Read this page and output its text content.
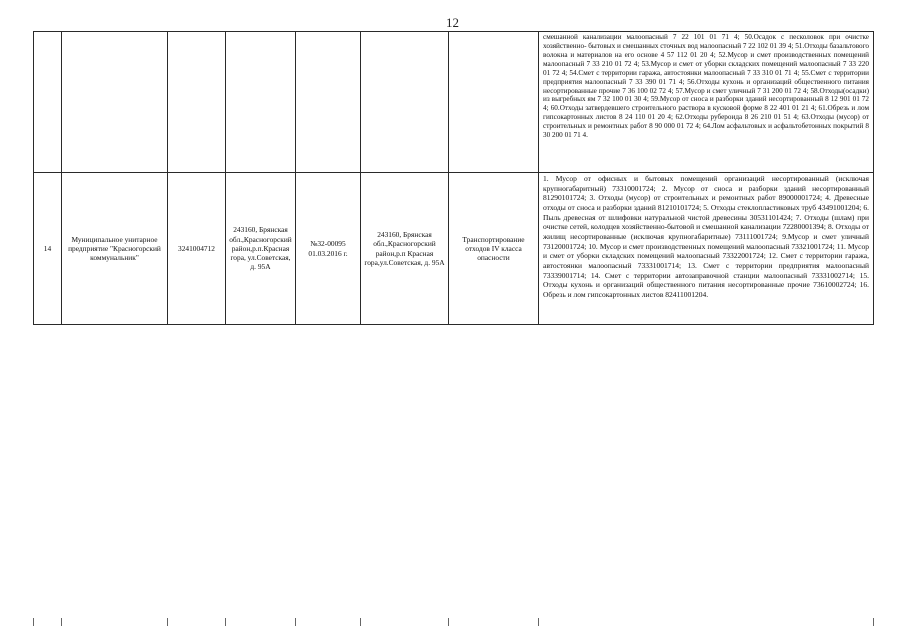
12
							смешанной канализации малоопасный 7 22 101 01 71 4; 50.Осадок с песколовок при очистке хозяйственно- бытовых и смешанных сточных вод малоопасный 7 22 102 01 39 4; 51.Отходы базальтового волокна и материалов на его основе 4 57 112 01 20 4; 52.Мусор и смет производственных помещений малоопасный 7 33 210 01 72 4; 53.Мусор и смет от уборки складских помещений малоопасный 7 33 220 01 72 4; 54.Смет с территории гаража, автостоянки малоопасный 7 33 310 01 71 4; 55.Смет с территории предприятия малоопасный 7 33 390 01 71 4; 56.Отходы кухонь и организаций общественного питания несортированные прочие 7 36 100 02 72 4; 57.Мусор и смет уличный 7 31 200 01 72 4; 58.Отходы(осадки) из выгребных ям 7 32 100 01 30 4; 59.Мусор от сноса и разборки зданий несортированный 8 12 901 01 72 4; 60.Отходы затвердевшего строительного раствора в кусковой форме 8 22 401 01 21 4; 61.Обрезь и лом гипсокартонных листов 8 24 110 01 20 4; 62.Отходы рубероида 8 26 210 01 51 4; 63.Отходы (мусор) от строительных и ремонтных работ 8 90 000 01 72 4; 64.Лом асфальтовых и асфальтобетонных покрытий 8 30 200 01 71 4.
14	Муниципальное унитарное предприятие "Красногорский коммунальник"	3241004712	243160, Брянская обл.,Красногорский район,р.п.Красная гора, ул.Советская, д. 95А	№32-00095 01.03.2016 г.	243160, Брянская обл.,Красногорский район,р.п Красная гора,ул.Советская, д. 95А	Транспортирование отходов IV класса опасности	1. Мусор от офисных и бытовых помещений организаций несортированный (исключая крупногабаритный) 73310001724; 2. Мусор от сноса и разборки зданий несортированный 81290101724; 3. Отходы (мусор) от строительных и ремонтных работ 89000001724; 4. Древесные отходы от сноса и разборки зданий 81210101724; 5. Отходы стеклопластиковых труб 43491001204; 6. Пыль древесная от шлифовки натуральной чистой древесины 30531101424; 7. Отходы (шлам) при очистке сетей, колодцев хозяйственно-бытовой и смешанной канализации 72280001394; 8. Отходы от жилищ несортированные (исключая крупногабаритные) 73111001724; 9.Мусор и смет уличный 73120001724; 10. Мусор и смет производственных помещений малоопасный 73321001724; 11. Мусор и смет от уборки складских помещений малоопасный 73322001724; 12. Смет с территории гаража, автостоянки малоопасный 73331001714; 13. Смет с территории предприятия малоопасный 73339001714; 14. Смет с территории автозаправочной станции малоопасный 73331002714; 15. Отходы кухонь и организаций общественного питания несортированные прочие 73610002724; 16. Обрезь и лом гипсокартонных листов 82411001204.
